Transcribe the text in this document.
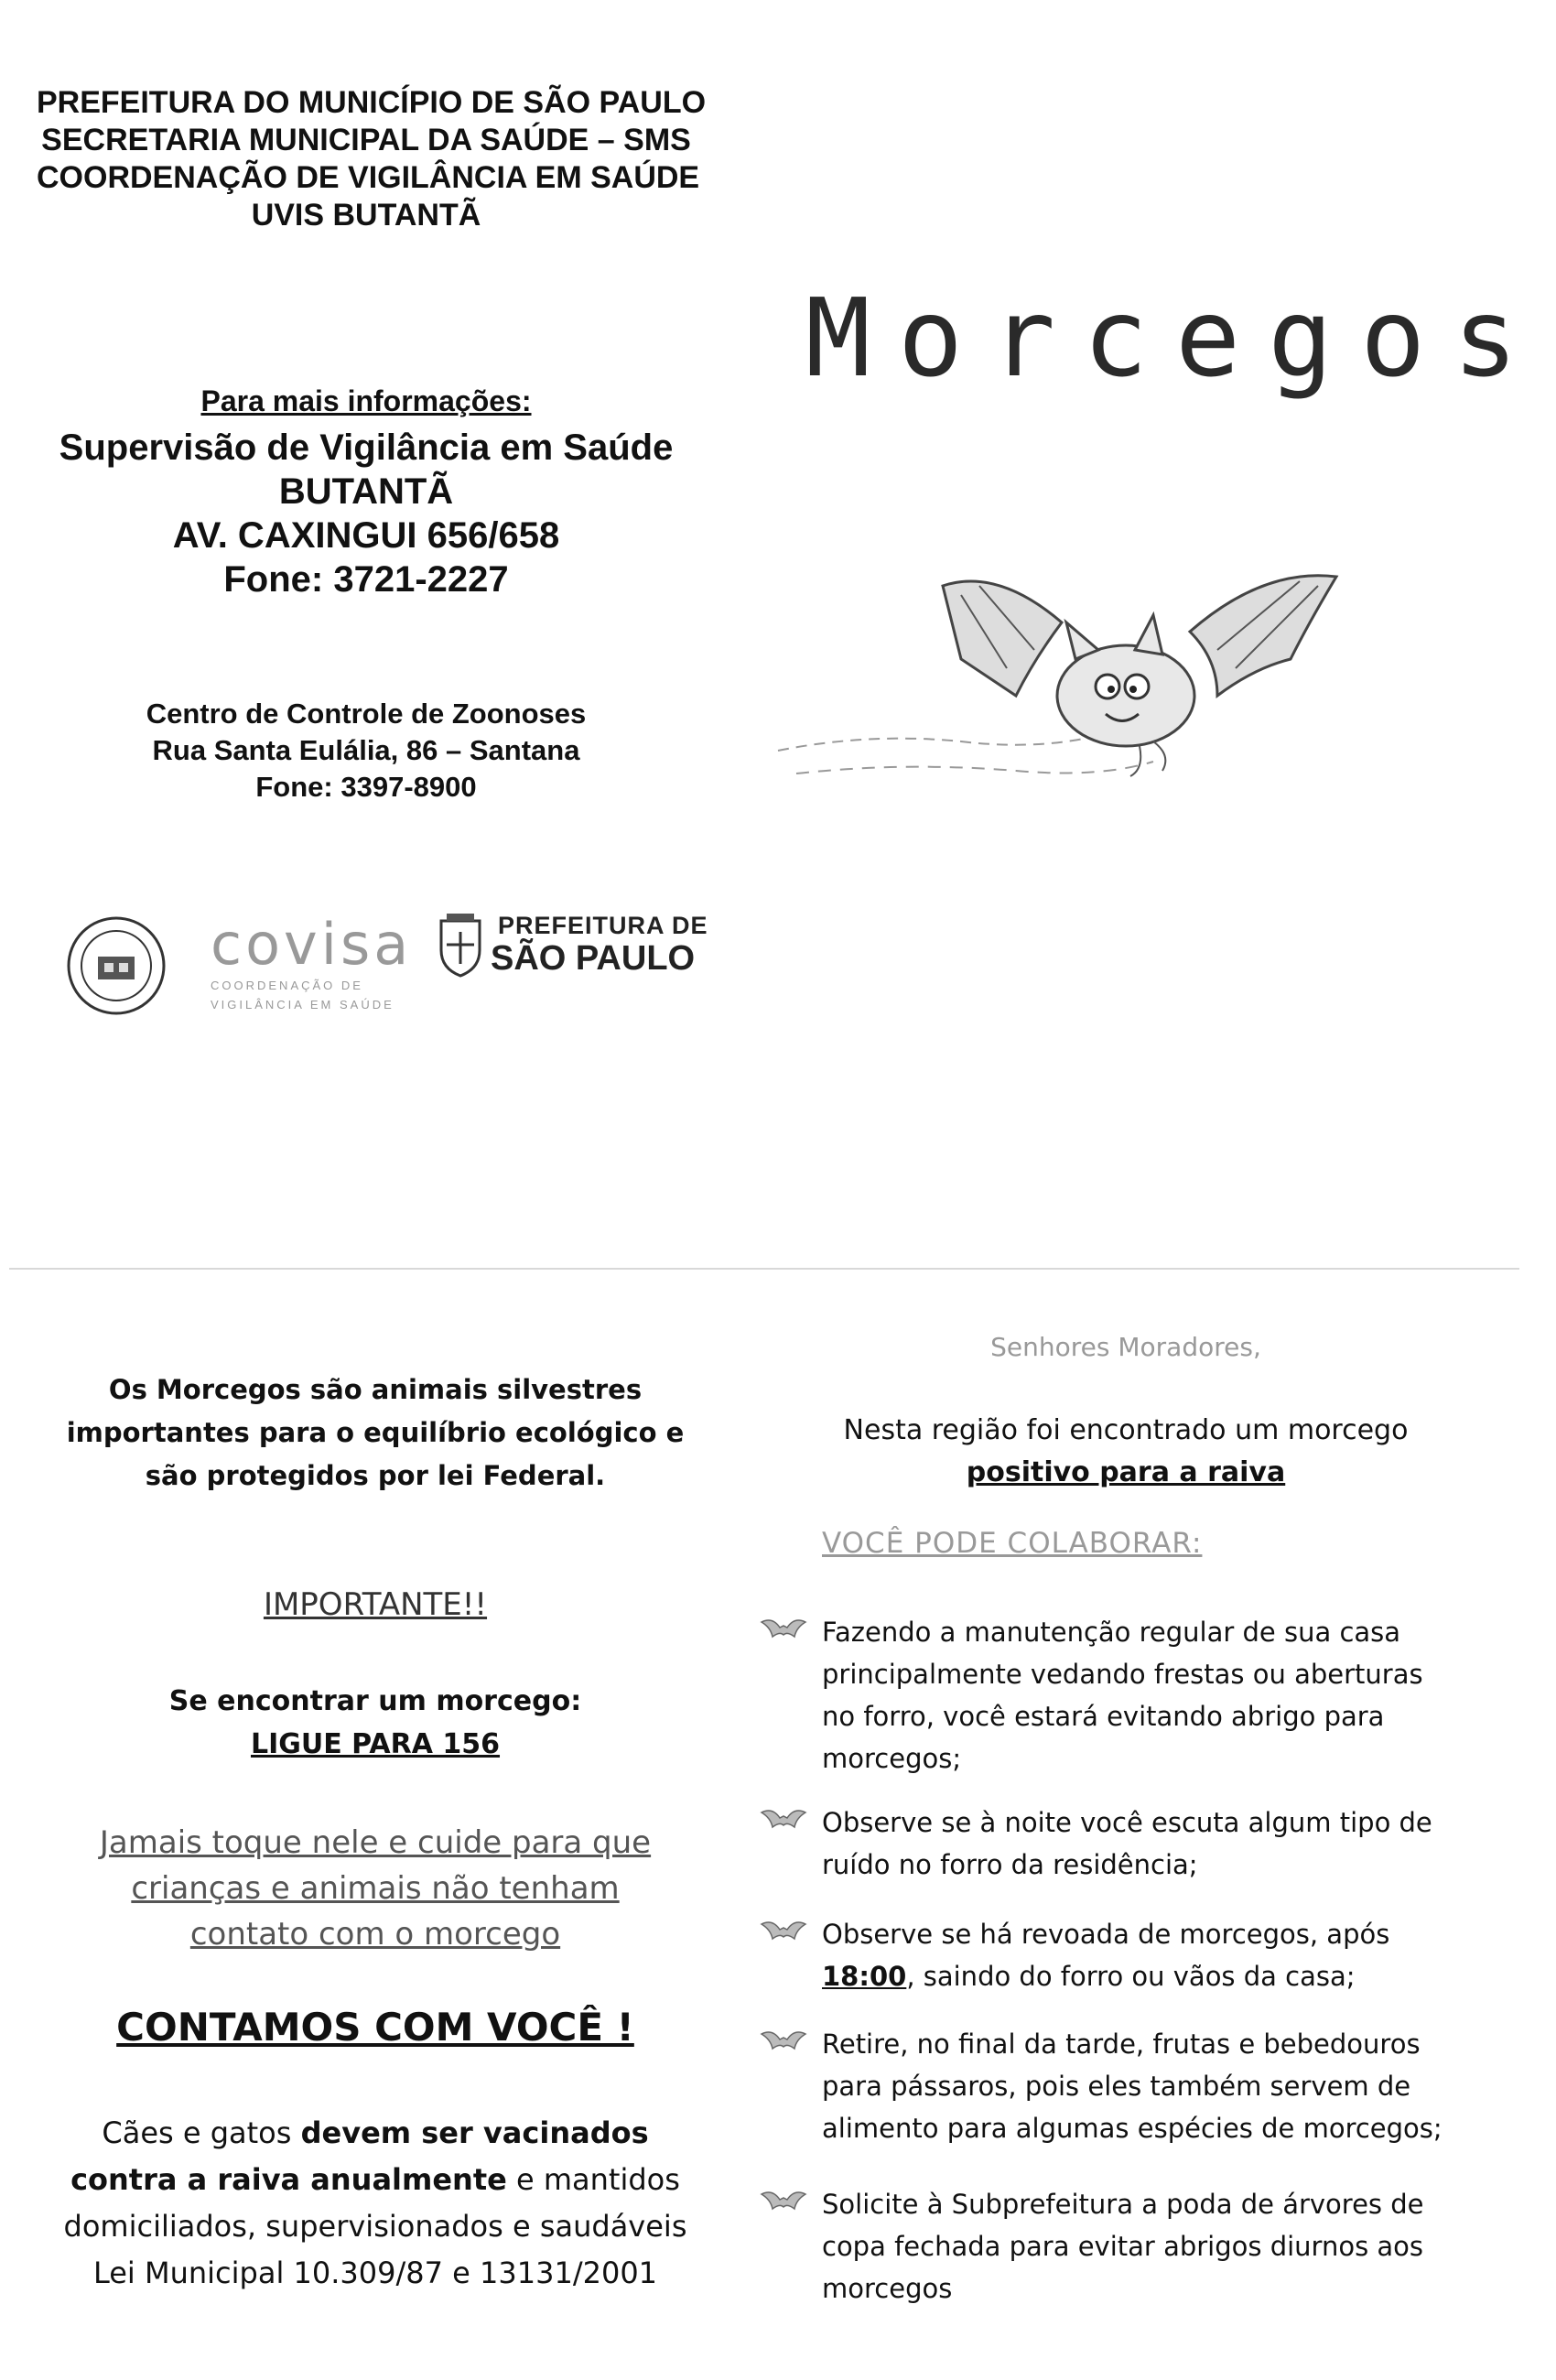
PREFEITURA DO MUNICÍPIO DE SÃO PAULO
SECRETARIA MUNICIPAL DA SAÚDE – SMS
COORDENAÇÃO DE VIGILÂNCIA EM SAÚDE
UVIS BUTANTÃ
Morcegos
Para mais informações:
Supervisão de Vigilância em Saúde
BUTANTÃ
AV. CAXINGUI 656/658
Fone: 3721-2227
Centro de Controle de Zoonoses
Rua Santa Eulália, 86 – Santana
Fone: 3397-8900
covisa
COORDENAÇÃO DE
VIGILÂNCIA EM SAÚDE
PREFEITURA DE
SÃO PAULO
Os Morcegos são animais silvestres
importantes para o equilíbrio ecológico e
são protegidos por lei Federal.
IMPORTANTE!!
Se encontrar um morcego:
LIGUE PARA 156
Jamais toque nele e cuide para que
crianças e animais não tenham
contato com o morcego
CONTAMOS COM VOCÊ !
Cães e gatos devem ser vacinados
contra a raiva anualmente e mantidos
domiciliados, supervisionados e saudáveis
Lei Municipal 10.309/87 e 13131/2001
Senhores Moradores,
Nesta região foi encontrado um morcego
positivo para a raiva
VOCÊ PODE COLABORAR:
Fazendo a manutenção regular de sua casa principalmente vedando frestas ou aberturas no forro, você estará evitando abrigo para morcegos;
Observe se à noite você escuta algum tipo de ruído no forro da residência;
Observe se há revoada de morcegos, após 18:00, saindo do forro ou vãos da casa;
Retire, no final da tarde, frutas e bebedouros para pássaros, pois eles também servem de alimento para algumas espécies de morcegos;
Solicite à Subprefeitura a poda de árvores de copa fechada para evitar abrigos diurnos aos morcegos
